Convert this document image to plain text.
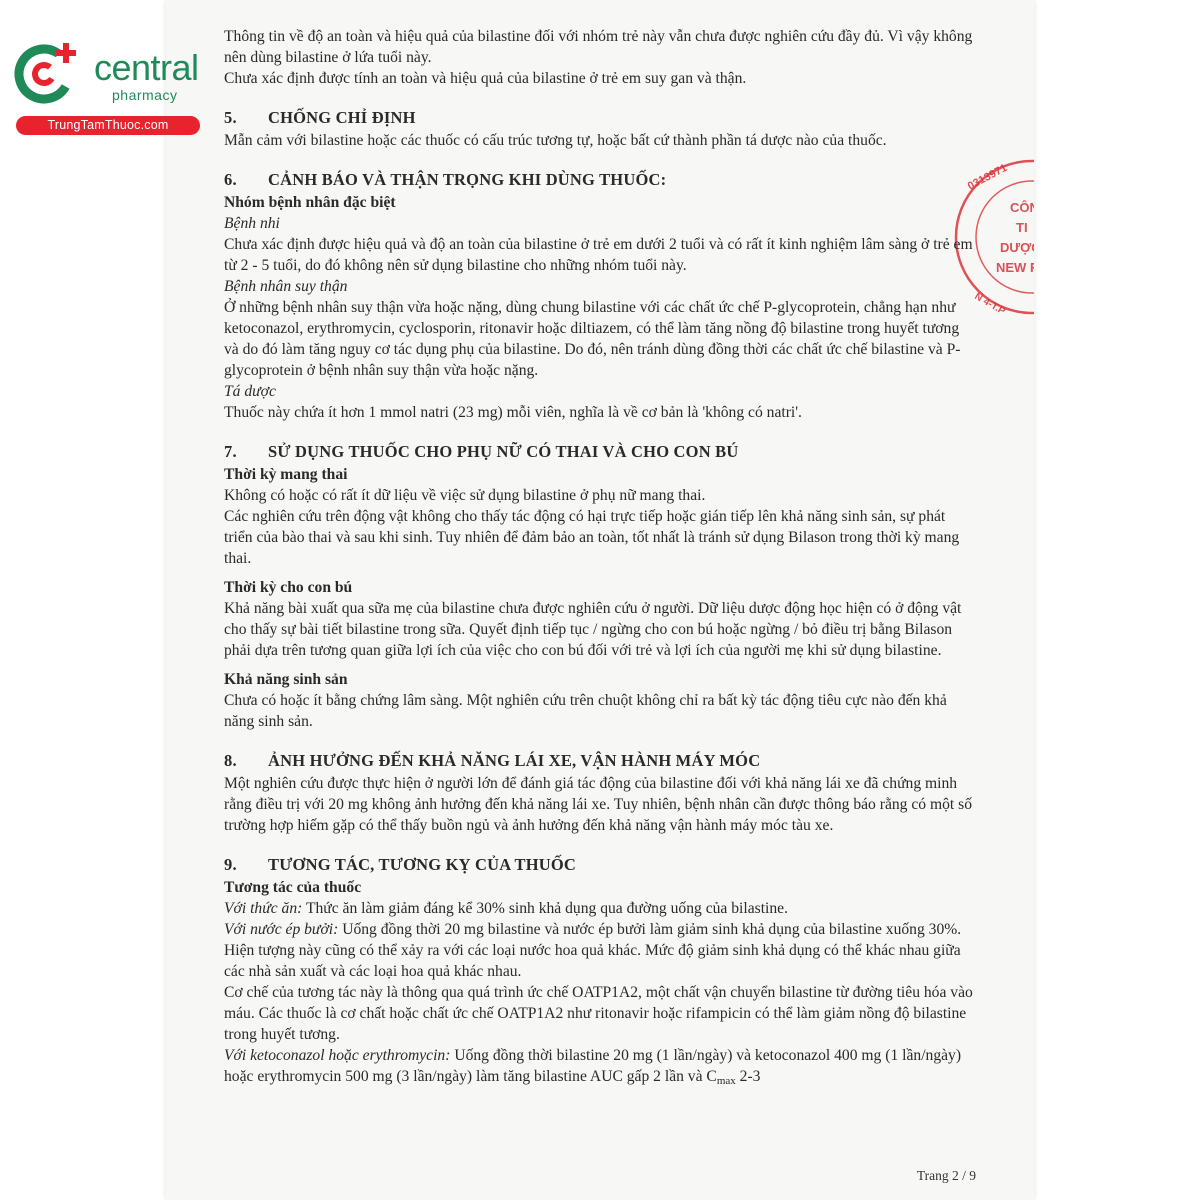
central
pharmacy
TrungTamThuoc.com
0313971
CÔN
TI
DƯỢC
NEW F
N 4-T.P

Thông tin về độ an toàn và hiệu quả của bilastine đối với nhóm trẻ này vẫn chưa được nghiên cứu đầy đủ. Vì vậy không nên dùng bilastine ở lứa tuổi này.

Chưa xác định được tính an toàn và hiệu quả của bilastine ở trẻ em suy gan và thận.

5. CHỐNG CHỈ ĐỊNH

Mẫn cảm với bilastine hoặc các thuốc có cấu trúc tương tự, hoặc bất cứ thành phần tá dược nào của thuốc.

6. CẢNH BÁO VÀ THẬN TRỌNG KHI DÙNG THUỐC:

Nhóm bệnh nhân đặc biệt

Bệnh nhi

Chưa xác định được hiệu quả và độ an toàn của bilastine ở trẻ em dưới 2 tuổi và có rất ít kinh nghiệm lâm sàng ở trẻ em từ 2 - 5 tuổi, do đó không nên sử dụng bilastine cho những nhóm tuổi này.

Bệnh nhân suy thận

Ở những bệnh nhân suy thận vừa hoặc nặng, dùng chung bilastine với các chất ức chế P-glycoprotein, chẳng hạn như ketoconazol, erythromycin, cyclosporin, ritonavir hoặc diltiazem, có thể làm tăng nồng độ bilastine trong huyết tương và do đó làm tăng nguy cơ tác dụng phụ của bilastine. Do đó, nên tránh dùng đồng thời các chất ức chế bilastine và P-glycoprotein ở bệnh nhân suy thận vừa hoặc nặng.

Tá dược

Thuốc này chứa ít hơn 1 mmol natri (23 mg) mỗi viên, nghĩa là về cơ bản là 'không có natri'.

7. SỬ DỤNG THUỐC CHO PHỤ NỮ CÓ THAI VÀ CHO CON BÚ

Thời kỳ mang thai

Không có hoặc có rất ít dữ liệu về việc sử dụng bilastine ở phụ nữ mang thai.

Các nghiên cứu trên động vật không cho thấy tác động có hại trực tiếp hoặc gián tiếp lên khả năng sinh sản, sự phát triển của bào thai và sau khi sinh. Tuy nhiên để đảm bảo an toàn, tốt nhất là tránh sử dụng Bilason trong thời kỳ mang thai.

Thời kỳ cho con bú

Khả năng bài xuất qua sữa mẹ của bilastine chưa được nghiên cứu ở người. Dữ liệu dược động học hiện có ở động vật cho thấy sự bài tiết bilastine trong sữa. Quyết định tiếp tục / ngừng cho con bú hoặc ngừng / bỏ điều trị bằng Bilason phải dựa trên tương quan giữa lợi ích của việc cho con bú đối với trẻ và lợi ích của người mẹ khi sử dụng bilastine.

Khả năng sinh sản

Chưa có hoặc ít bằng chứng lâm sàng. Một nghiên cứu trên chuột không chỉ ra bất kỳ tác động tiêu cực nào đến khả năng sinh sản.

8. ẢNH HƯỞNG ĐẾN KHẢ NĂNG LÁI XE, VẬN HÀNH MÁY MÓC

Một nghiên cứu được thực hiện ở người lớn để đánh giá tác động của bilastine đối với khả năng lái xe đã chứng minh rằng điều trị với 20 mg không ảnh hưởng đến khả năng lái xe. Tuy nhiên, bệnh nhân cần được thông báo rằng có một số trường hợp hiếm gặp có thể thấy buồn ngủ và ảnh hưởng đến khả năng vận hành máy móc tàu xe.

9. TƯƠNG TÁC, TƯƠNG KỴ CỦA THUỐC

Tương tác của thuốc

Với thức ăn: Thức ăn làm giảm đáng kể 30% sinh khả dụng qua đường uống của bilastine.

Với nước ép bưởi: Uống đồng thời 20 mg bilastine và nước ép bưởi làm giảm sinh khả dụng của bilastine xuống 30%. Hiện tượng này cũng có thể xảy ra với các loại nước hoa quả khác. Mức độ giảm sinh khả dụng có thể khác nhau giữa các nhà sản xuất và các loại hoa quả khác nhau.

Cơ chế của tương tác này là thông qua quá trình ức chế OATP1A2, một chất vận chuyển bilastine từ đường tiêu hóa vào máu. Các thuốc là cơ chất hoặc chất ức chế OATP1A2 như ritonavir hoặc rifampicin có thể làm giảm nồng độ bilastine trong huyết tương.

Với ketoconazol hoặc erythromycin: Uống đồng thời bilastine 20 mg (1 lần/ngày) và ketoconazol 400 mg (1 lần/ngày) hoặc erythromycin 500 mg (3 lần/ngày) làm tăng bilastine AUC gấp 2 lần và Cmax 2-3

Trang 2 / 9
